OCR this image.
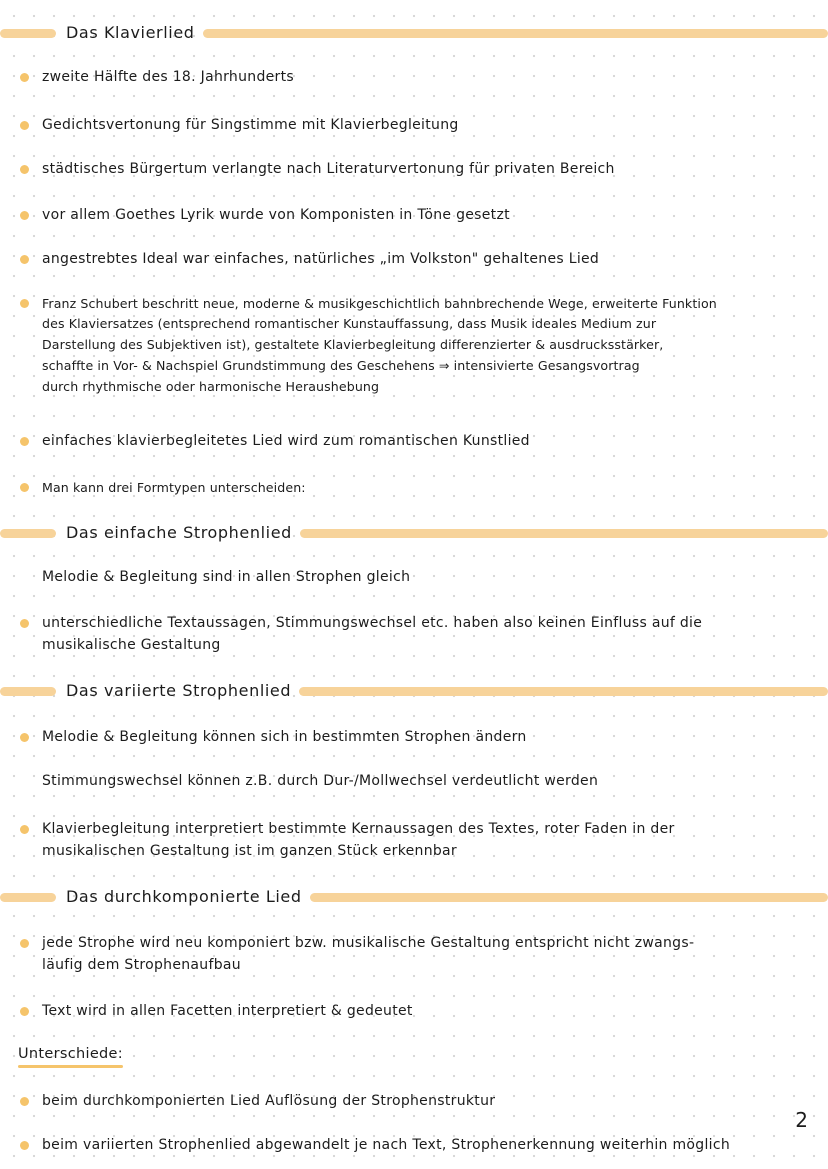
Das Klavierlied
zweite Hälfte des 18. Jahrhunderts
Gedichtsvertonung für Singstimme mit Klavierbegleitung
städtisches Bürgertum verlangte nach Literaturvertonung für privaten Bereich
vor allem Goethes Lyrik wurde von Komponisten in Töne gesetzt
angestrebtes Ideal war einfaches, natürliches „im Volkston" gehaltenes Lied
Franz Schubert beschritt neue, moderne & musikgeschichtlich bahnbrechende Wege, erweiterte Funktion
des Klaviersatzes (entsprechend romantischer Kunstauffassung, dass Musik ideales Medium zur
Darstellung des Subjektiven ist), gestaltete Klavierbegleitung differenzierter & ausdrucksstärker,
schaffte in Vor- & Nachspiel Grundstimmung des Geschehens ⇒ intensivierte Gesangsvortrag
durch rhythmische oder harmonische Heraushebung
einfaches klavierbegleitetes Lied wird zum romantischen Kunstlied
Man kann drei Formtypen unterscheiden:
Das einfache Strophenlied
Melodie & Begleitung sind in allen Strophen gleich
unterschiedliche Textaussagen, Stimmungswechsel etc. haben also keinen Einfluss auf die
musikalische Gestaltung
Das variierte Strophenlied
Melodie & Begleitung können sich in bestimmten Strophen ändern
Stimmungswechsel können z.B. durch Dur-/Mollwechsel verdeutlicht werden
Klavierbegleitung interpretiert bestimmte Kernaussagen des Textes, roter Faden in der
musikalischen Gestaltung ist im ganzen Stück erkennbar
Das durchkomponierte Lied
jede Strophe wird neu komponiert bzw. musikalische Gestaltung entspricht nicht zwangs-
läufig dem Strophenaufbau
Text wird in allen Facetten interpretiert & gedeutet
Unterschiede:
beim durchkomponierten Lied Auflösung der Strophenstruktur
beim variierten Strophenlied abgewandelt je nach Text, Strophenerkennung weiterhin möglich
2
